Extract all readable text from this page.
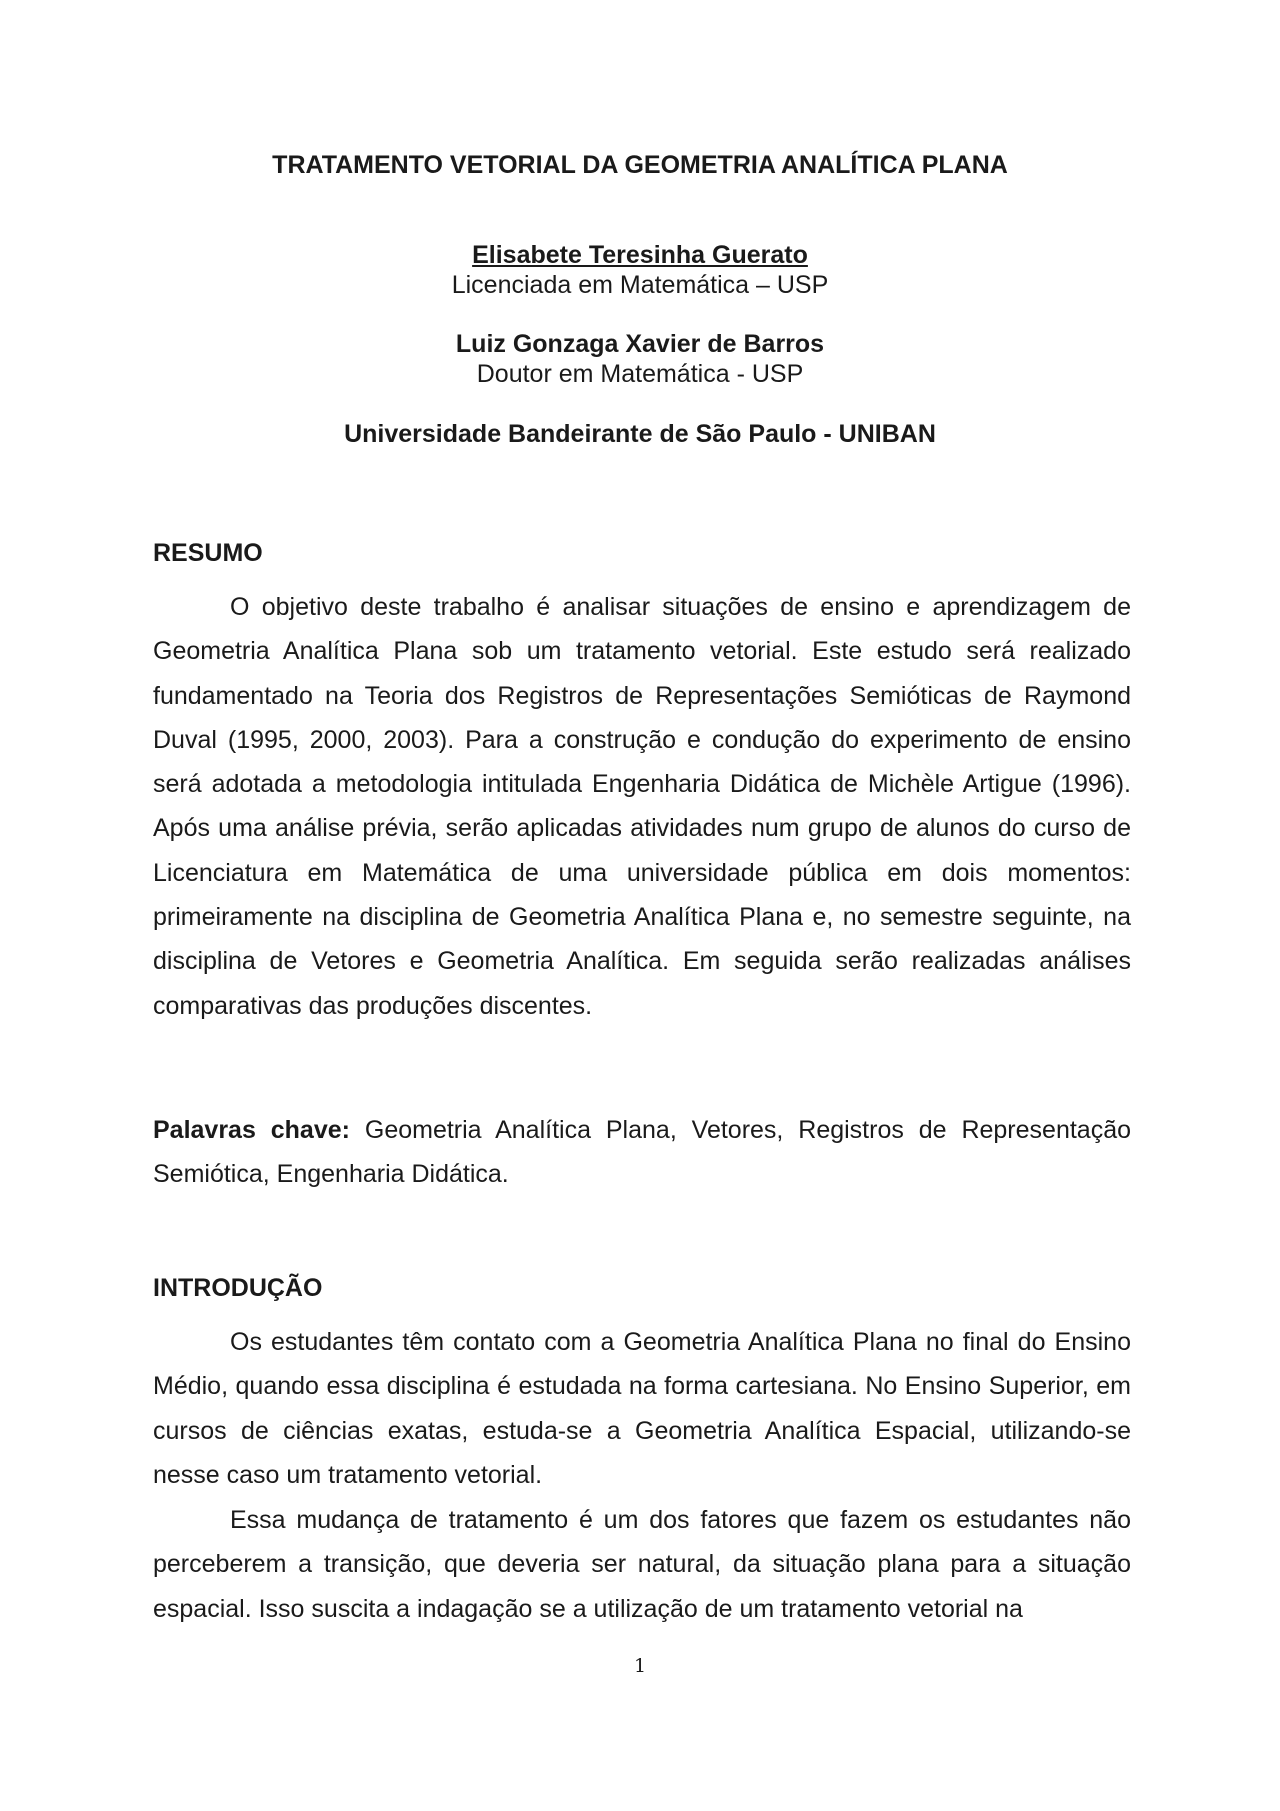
TRATAMENTO VETORIAL DA GEOMETRIA ANALÍTICA PLANA
Elisabete Teresinha Guerato
Licenciada em Matemática – USP
Luiz Gonzaga Xavier de Barros
Doutor em Matemática - USP
Universidade Bandeirante de São Paulo - UNIBAN
RESUMO

O objetivo deste trabalho é analisar situações de ensino e aprendizagem de Geometria Analítica Plana sob um tratamento vetorial. Este estudo será realizado fundamentado na Teoria dos Registros de Representações Semióticas de Raymond Duval (1995, 2000, 2003). Para a construção e condução do experimento de ensino será adotada a metodologia intitulada Engenharia Didática de Michèle Artigue (1996). Após uma análise prévia, serão aplicadas atividades num grupo de alunos do curso de Licenciatura em Matemática de uma universidade pública em dois momentos: primeiramente na disciplina de Geometria Analítica Plana e, no semestre seguinte, na disciplina de Vetores e Geometria Analítica. Em seguida serão realizadas análises comparativas das produções discentes.

Palavras chave: Geometria Analítica Plana, Vetores, Registros de Representação Semiótica, Engenharia Didática.

INTRODUÇÃO

Os estudantes têm contato com a Geometria Analítica Plana no final do Ensino Médio, quando essa disciplina é estudada na forma cartesiana. No Ensino Superior, em cursos de ciências exatas, estuda-se a Geometria Analítica Espacial, utilizando-se nesse caso um tratamento vetorial.

Essa mudança de tratamento é um dos fatores que fazem os estudantes não perceberem a transição, que deveria ser natural, da situação plana para a situação espacial. Isso suscita a indagação se a utilização de um tratamento vetorial na

1
